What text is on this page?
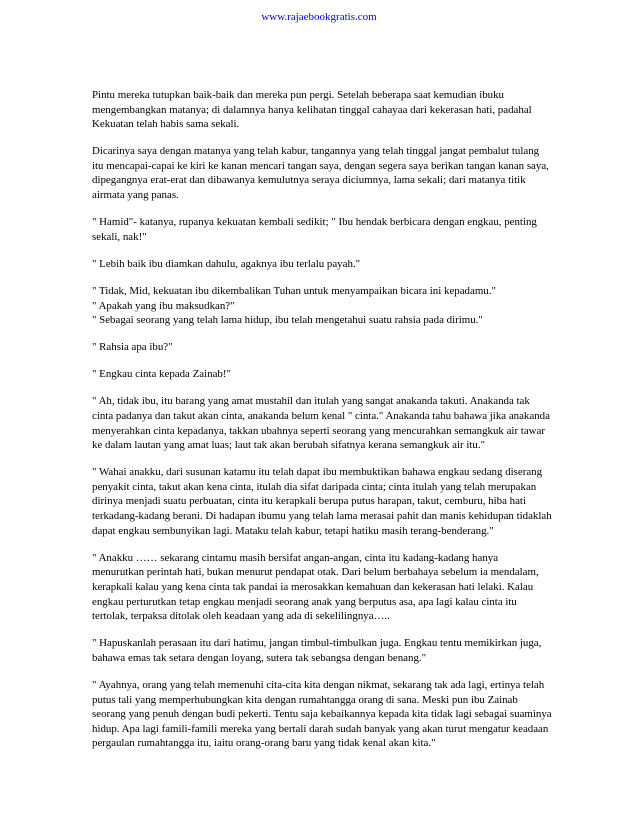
www.rajaebookgratis.com

Pintu mereka tutupkan baik-baik dan mereka pun pergi. Setelah beberapa saat kemudian ibuku mengembangkan matanya; di dalamnya hanya kelihatan tinggal cahayaa dari kekerasan hati, padahal Kekuatan telah habis sama sekali.

Dicarinya saya dengan matanya yang telah kabur, tangannya yang telah tinggal jangat pembalut tulang itu mencapai-capai ke kiri ke kanan mencari tangan saya, dengan segera saya berikan tangan kanan saya, dipegangnya erat-erat dan dibawanya kemulutnya seraya diciumnya, lama sekali; dari matanya titik airmata yang panas.

" Hamid"- katanya, rupanya kekuatan kembali sedikit; " Ibu hendak berbicara dengan engkau, penting sekali, nak!"

" Lebih baik ibu diamkan dahulu, agaknya ibu terlalu payah."

" Tidak, Mid, kekuatan ibu dikembalikan Tuhan untuk menyampaikan bicara ini kepadamu."

" Apakah yang ibu maksudkan?"

" Sebagai seorang yang telah lama hidup, ibu telah mengetahui suatu rahsia pada dirimu."

" Rahsia apa ibu?"

" Engkau cinta kepada Zainab!"

" Ah, tidak ibu, itu barang yang amat mustahil dan itulah yang sangat anakanda takuti. Anakanda tak cinta padanya dan takut akan cinta, anakanda belum kenal " cinta." Anakanda tahu bahawa jika anakanda menyerahkan cinta kepadanya, takkan ubahnya seperti seorang yang mencurahkan semangkuk air tawar ke dalam lautan yang amat luas; laut tak akan berubah sifatnya kerana semangkuk air itu."

" Wahai anakku, dari susunan katamu itu telah dapat ibu membuktikan bahawa engkau sedang diserang penyakit cinta, takut akan kena cinta, itulah dia sifat daripada cinta; cinta itulah yang telah merupakan dirinya menjadi suatu perbuatan, cinta itu kerapkali berupa putus harapan, takut, cemburu, hiba hati terkadang-kadang berani. Di hadapan ibumu yang telah lama merasai pahit dan manis kehidupan tidaklah dapat engkau sembunyikan lagi. Mataku telah kabur, tetapi hatiku masih terang-benderang."

" Anakku …… sekarang cintamu masih bersifat angan-angan, cinta itu kadang-kadang hanya menurutkan perintah hati, bukan menurut pendapat otak. Dari belum berbahaya sebelum ia mendalam, kerapkali kalau yang kena cinta tak pandai ia merosakkan kemahuan dan kekerasan hati lelaki. Kalau engkau perturutkan tetap engkau menjadi seorang anak yang berputus asa, apa lagi kalau cinta itu tertolak, terpaksa ditolak oleh keadaan yang ada di sekelilingnya…..

" Hapuskanlah perasaan itu dari hatimu, jangan timbul-timbulkan juga. Engkau tentu memikirkan juga, bahawa emas tak setara dengan loyang, sutera tak sebangsa dengan benang."

" Ayahnya, orang yang telah memenuhi cita-cita kita dengan nikmat, sekarang tak ada lagi, ertinya telah putus tali yang memperhubungkan kita dengan rumahtangga orang di sana. Meski pun ibu Zainab seorang yang penuh dengan budi pekerti. Tentu saja kebaikannya kepada kita tidak lagi sebagai suaminya hidup. Apa lagi famili-famili mereka yang bertali darah sudah banyak yang akan turut mengatur keadaan pergaulan rumahtangga itu, iaitu orang-orang baru yang tidak kenal akan kita."
